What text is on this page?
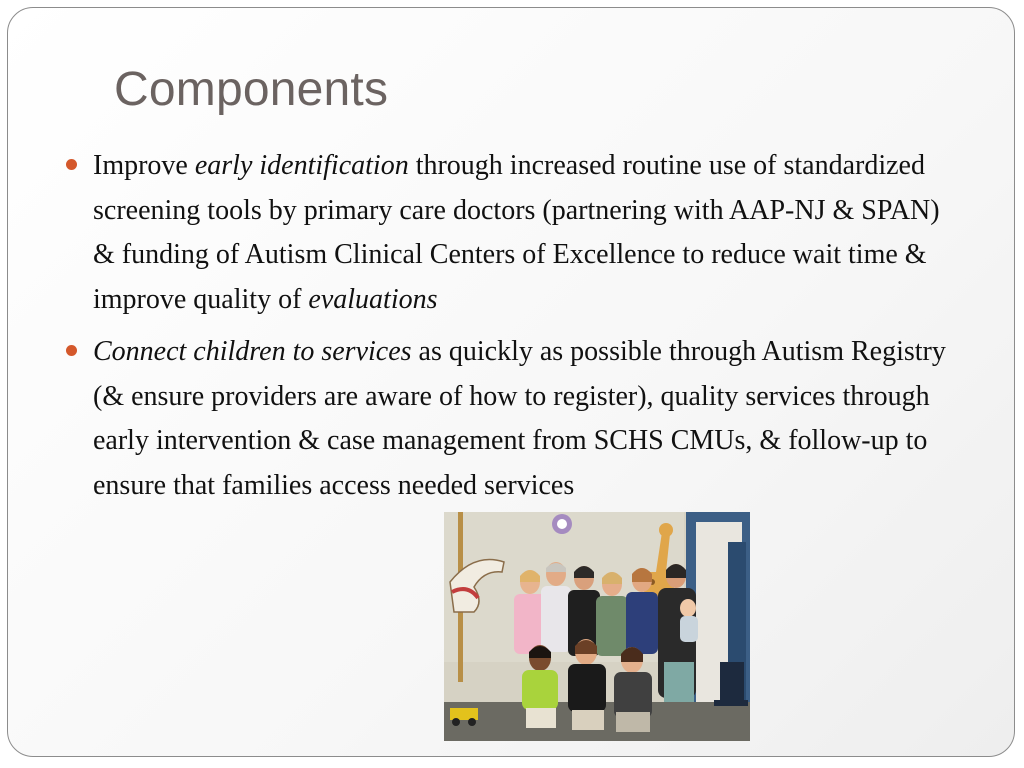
Components
Improve early identification through increased routine use of standardized screening tools by primary care doctors (partnering with AAP-NJ & SPAN) & funding of Autism Clinical Centers of Excellence to reduce wait time & improve quality of evaluations
Connect children to services as quickly as possible through Autism Registry (& ensure providers are aware of how to register), quality services through early intervention & case management from SCHS CMUs, & follow-up to ensure that families access needed services
